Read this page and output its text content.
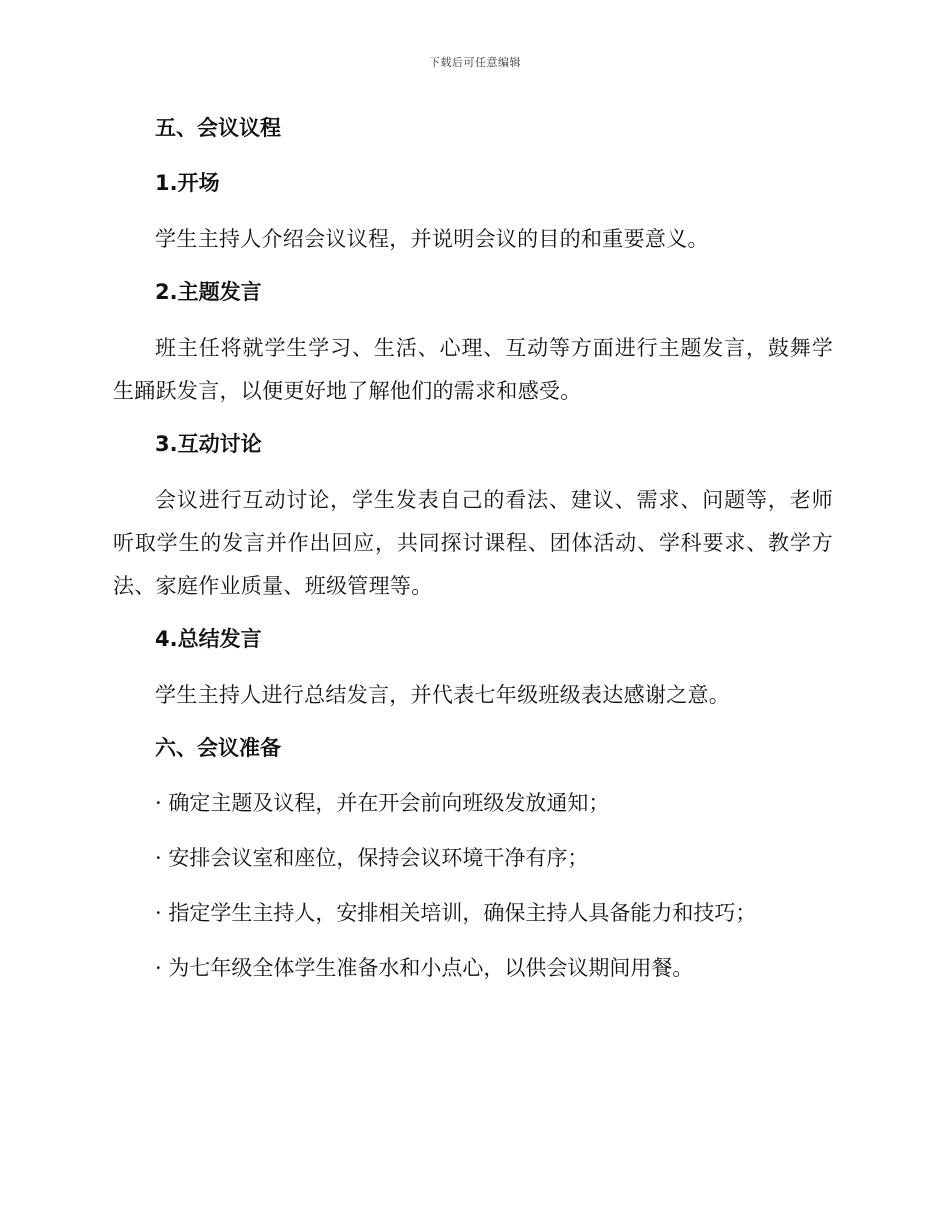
下载后可任意编辑
五、会议议程
1.开场

学生主持人介绍会议议程，并说明会议的目的和重要意义。

2.主题发言

班主任将就学生学习、生活、心理、互动等方面进行主题发言，鼓舞学生踊跃发言，以便更好地了解他们的需求和感受。

3.互动讨论

会议进行互动讨论，学生发表自己的看法、建议、需求、问题等，老师听取学生的发言并作出回应，共同探讨课程、团体活动、学科要求、教学方法、家庭作业质量、班级管理等。

4.总结发言

学生主持人进行总结发言，并代表七年级班级表达感谢之意。

六、会议准备
· 确定主题及议程，并在开会前向班级发放通知；
· 安排会议室和座位，保持会议环境干净有序；
· 指定学生主持人，安排相关培训，确保主持人具备能力和技巧；
· 为七年级全体学生准备水和小点心，以供会议期间用餐。
